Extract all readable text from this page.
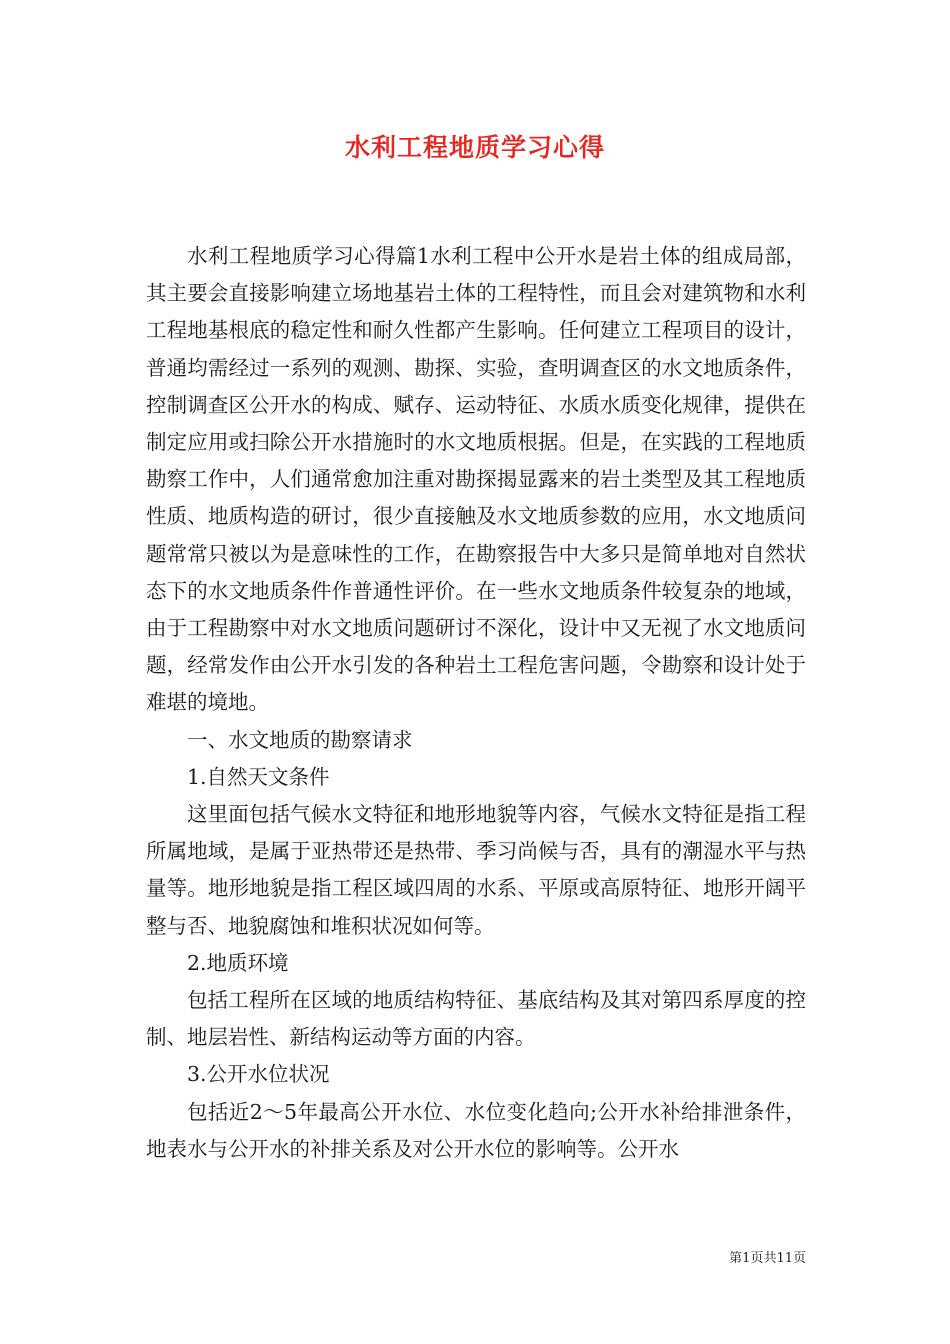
水利工程地质学习心得

水利工程地质学习心得篇1水利工程中公开水是岩土体的组成局部，其主要会直接影响建立场地基岩土体的工程特性，而且会对建筑物和水利工程地基根底的稳定性和耐久性都产生影响。任何建立工程项目的设计，普通均需经过一系列的观测、勘探、实验，查明调查区的水文地质条件，控制调查区公开水的构成、赋存、运动特征、水质水质变化规律，提供在制定应用或扫除公开水措施时的水文地质根据。但是，在实践的工程地质勘察工作中，人们通常愈加注重对勘探揭显露来的岩土类型及其工程地质性质、地质构造的研讨，很少直接触及水文地质参数的应用，水文地质问题常常只被以为是意味性的工作，在勘察报告中大多只是简单地对自然状态下的水文地质条件作普通性评价。在一些水文地质条件较复杂的地域，由于工程勘察中对水文地质问题研讨不深化，设计中又无视了水文地质问题，经常发作由公开水引发的各种岩土工程危害问题，令勘察和设计处于难堪的境地。

一、水文地质的勘察请求

1.自然天文条件

这里面包括气候水文特征和地形地貌等内容，气候水文特征是指工程所属地域，是属于亚热带还是热带、季习尚候与否，具有的潮湿水平与热量等。地形地貌是指工程区域四周的水系、平原或高原特征、地形开阔平整与否、地貌腐蚀和堆积状况如何等。

2.地质环境

包括工程所在区域的地质结构特征、基底结构及其对第四系厚度的控制、地层岩性、新结构运动等方面的内容。

3.公开水位状况

包括近2～5年最高公开水位、水位变化趋向;公开水补给排泄条件，地表水与公开水的补排关系及对公开水位的影响等。公开水

第1页共11页
